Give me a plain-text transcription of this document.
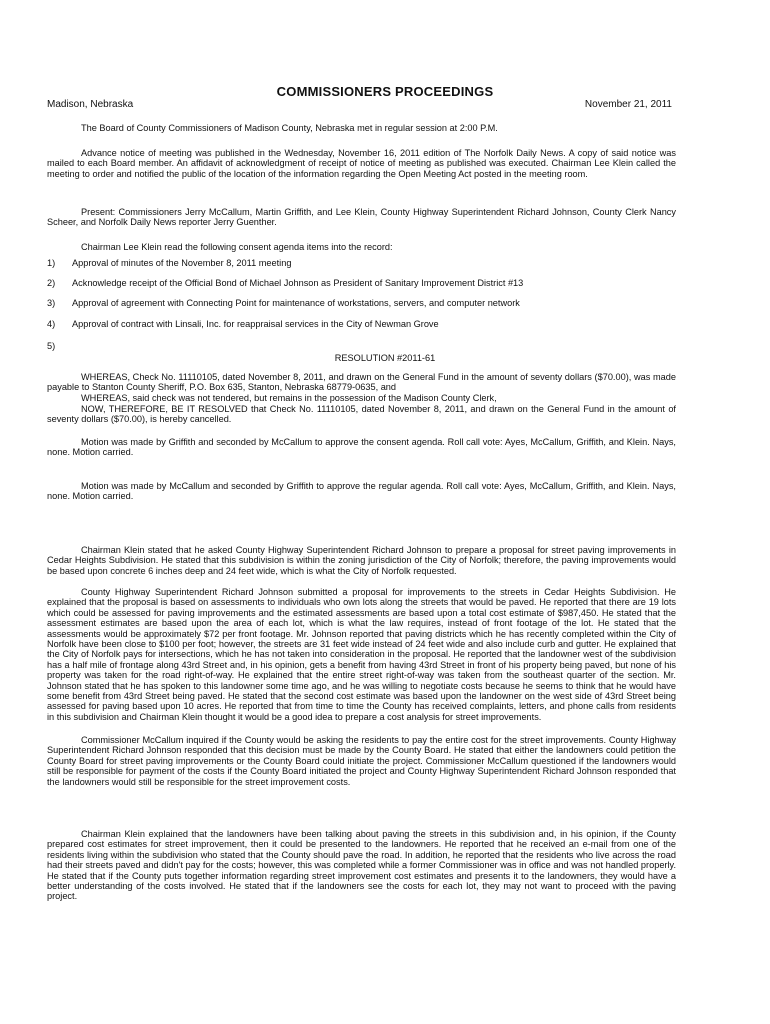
COMMISSIONERS PROCEEDINGS
Madison, Nebraska	November 21, 2011

The Board of County Commissioners of Madison County, Nebraska met in regular session at 2:00 P.M.

Advance notice of meeting was published in the Wednesday, November 16, 2011 edition of The Norfolk Daily News. A copy of said notice was mailed to each Board member. An affidavit of acknowledgment of receipt of notice of meeting as published was executed. Chairman Lee Klein called the meeting to order and notified the public of the location of the information regarding the Open Meeting Act posted in the meeting room.

Present: Commissioners Jerry McCallum, Martin Griffith, and Lee Klein, County Highway Superintendent Richard Johnson, County Clerk Nancy Scheer, and Norfolk Daily News reporter Jerry Guenther.

Chairman Lee Klein read the following consent agenda items into the record:

1) Approval of minutes of the November 8, 2011 meeting
2) Acknowledge receipt of the Official Bond of Michael Johnson as President of Sanitary Improvement District #13
3) Approval of agreement with Connecting Point for maintenance of workstations, servers, and computer network
4) Approval of contract with Linsali, Inc. for reappraisal services in the City of Newman Grove
5)
RESOLUTION #2011-61

WHEREAS, Check No. 11110105, dated November 8, 2011, and drawn on the General Fund in the amount of seventy dollars ($70.00), was made payable to Stanton County Sheriff, P.O. Box 635, Stanton, Nebraska 68779-0635, and

WHEREAS, said check was not tendered, but remains in the possession of the Madison County Clerk,

NOW, THEREFORE, BE IT RESOLVED that Check No. 11110105, dated November 8, 2011, and drawn on the General Fund in the amount of seventy dollars ($70.00), is hereby cancelled.

Motion was made by Griffith and seconded by McCallum to approve the consent agenda. Roll call vote: Ayes, McCallum, Griffith, and Klein. Nays, none. Motion carried.

Motion was made by McCallum and seconded by Griffith to approve the regular agenda. Roll call vote: Ayes, McCallum, Griffith, and Klein. Nays, none. Motion carried.

Chairman Klein stated that he asked County Highway Superintendent Richard Johnson to prepare a proposal for street paving improvements in Cedar Heights Subdivision. He stated that this subdivision is within the zoning jurisdiction of the City of Norfolk; therefore, the paving improvements would be based upon concrete 6 inches deep and 24 feet wide, which is what the City of Norfolk requested.

County Highway Superintendent Richard Johnson submitted a proposal for improvements to the streets in Cedar Heights Subdivision. He explained that the proposal is based on assessments to individuals who own lots along the streets that would be paved. He reported that there are 19 lots which could be assessed for paving improvements and the estimated assessments are based upon a total cost estimate of $987,450. He stated that the assessment estimates are based upon the area of each lot, which is what the law requires, instead of front footage of the lot. He stated that the assessments would be approximately $72 per front footage. Mr. Johnson reported that paving districts which he has recently completed within the City of Norfolk have been close to $100 per foot; however, the streets are 31 feet wide instead of 24 feet wide and also include curb and gutter. He explained that the City of Norfolk pays for intersections, which he has not taken into consideration in the proposal. He reported that the landowner west of the subdivision has a half mile of frontage along 43rd Street and, in his opinion, gets a benefit from having 43rd Street in front of his property being paved, but none of his property was taken for the road right-of-way. He explained that the entire street right-of-way was taken from the southeast quarter of the section. Mr. Johnson stated that he has spoken to this landowner some time ago, and he was willing to negotiate costs because he seems to think that he would have some benefit from 43rd Street being paved. He stated that the second cost estimate was based upon the landowner on the west side of 43rd Street being assessed for paving based upon 10 acres. He reported that from time to time the County has received complaints, letters, and phone calls from residents in this subdivision and Chairman Klein thought it would be a good idea to prepare a cost analysis for street improvements.

Commissioner McCallum inquired if the County would be asking the residents to pay the entire cost for the street improvements. County Highway Superintendent Richard Johnson responded that this decision must be made by the County Board. He stated that either the landowners could petition the County Board for street paving improvements or the County Board could initiate the project. Commissioner McCallum questioned if the landowners would still be responsible for payment of the costs if the County Board initiated the project and County Highway Superintendent Richard Johnson responded that the landowners would still be responsible for the street improvement costs.

Chairman Klein explained that the landowners have been talking about paving the streets in this subdivision and, in his opinion, if the County prepared cost estimates for street improvement, then it could be presented to the landowners. He reported that he received an e-mail from one of the residents living within the subdivision who stated that the County should pave the road. In addition, he reported that the residents who live across the road had their streets paved and didn't pay for the costs; however, this was completed while a former Commissioner was in office and was not handled properly. He stated that if the County puts together information regarding street improvement cost estimates and presents it to the landowners, they would have a better understanding of the costs involved. He stated that if the landowners see the costs for each lot, they may not want to proceed with the paving project.
